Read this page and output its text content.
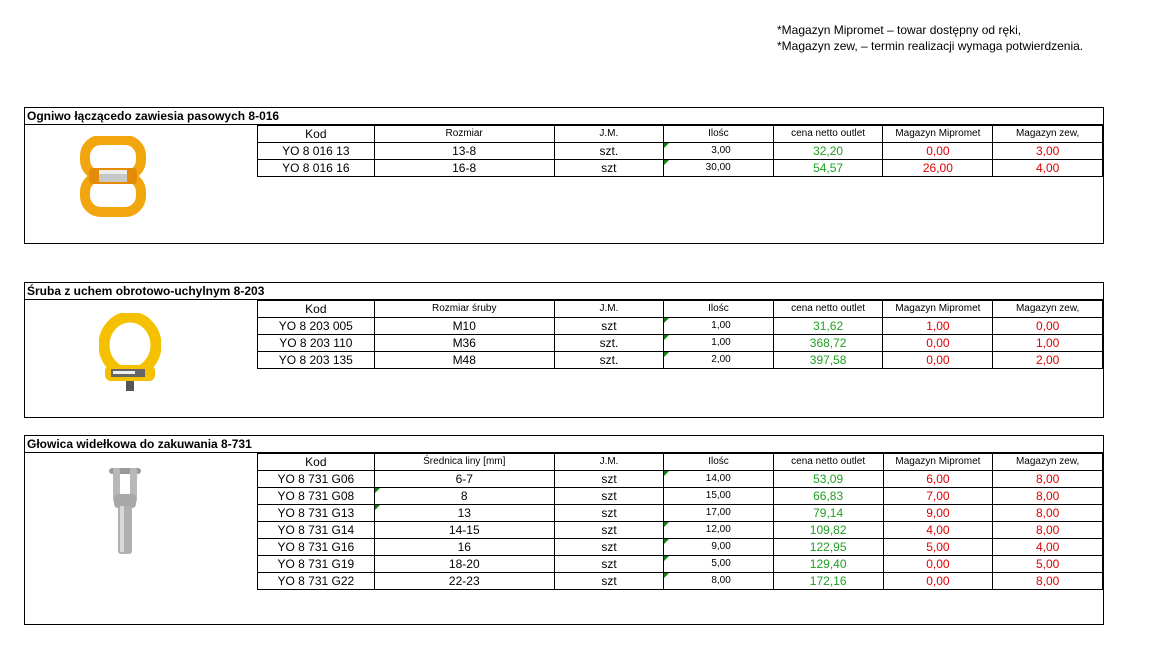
*Magazyn Mipromet – towar dostępny od ręki,
*Magazyn zew, – termin realizacji wymaga potwierdzenia.
Ogniwo łączącedo zawiesia pasowych 8-016
Kod	Rozmiar	J.M.	Ilośc	cena netto outlet	Magazyn Mipromet	Magazyn zew,
YO 8 016 13	13-8	szt.	3,00	32,20	0,00	3,00
YO 8 016 16	16-8	szt	30,00	54,57	26,00	4,00
Śruba z uchem obrotowo-uchylnym 8-203
Kod	Rozmiar śruby	J.M.	Ilośc	cena netto outlet	Magazyn Mipromet	Magazyn zew,
YO 8 203 005	M10	szt	1,00	31,62	1,00	0,00
YO 8 203 110	M36	szt.	1,00	368,72	0,00	1,00
YO 8 203 135	M48	szt.	2,00	397,58	0,00	2,00
Głowica widełkowa do zakuwania 8-731
Kod	Średnica liny [mm]	J.M.	Ilośc	cena netto outlet	Magazyn Mipromet	Magazyn zew,
YO 8 731 G06	6-7	szt	14,00	53,09	6,00	8,00
YO 8 731 G08	8	szt	15,00	66,83	7,00	8,00
YO 8 731 G13	13	szt	17,00	79,14	9,00	8,00
YO 8 731 G14	14-15	szt	12,00	109,82	4,00	8,00
YO 8 731 G16	16	szt	9,00	122,95	5,00	4,00
YO 8 731 G19	18-20	szt	5,00	129,40	0,00	5,00
YO 8 731 G22	22-23	szt	8,00	172,16	0,00	8,00
